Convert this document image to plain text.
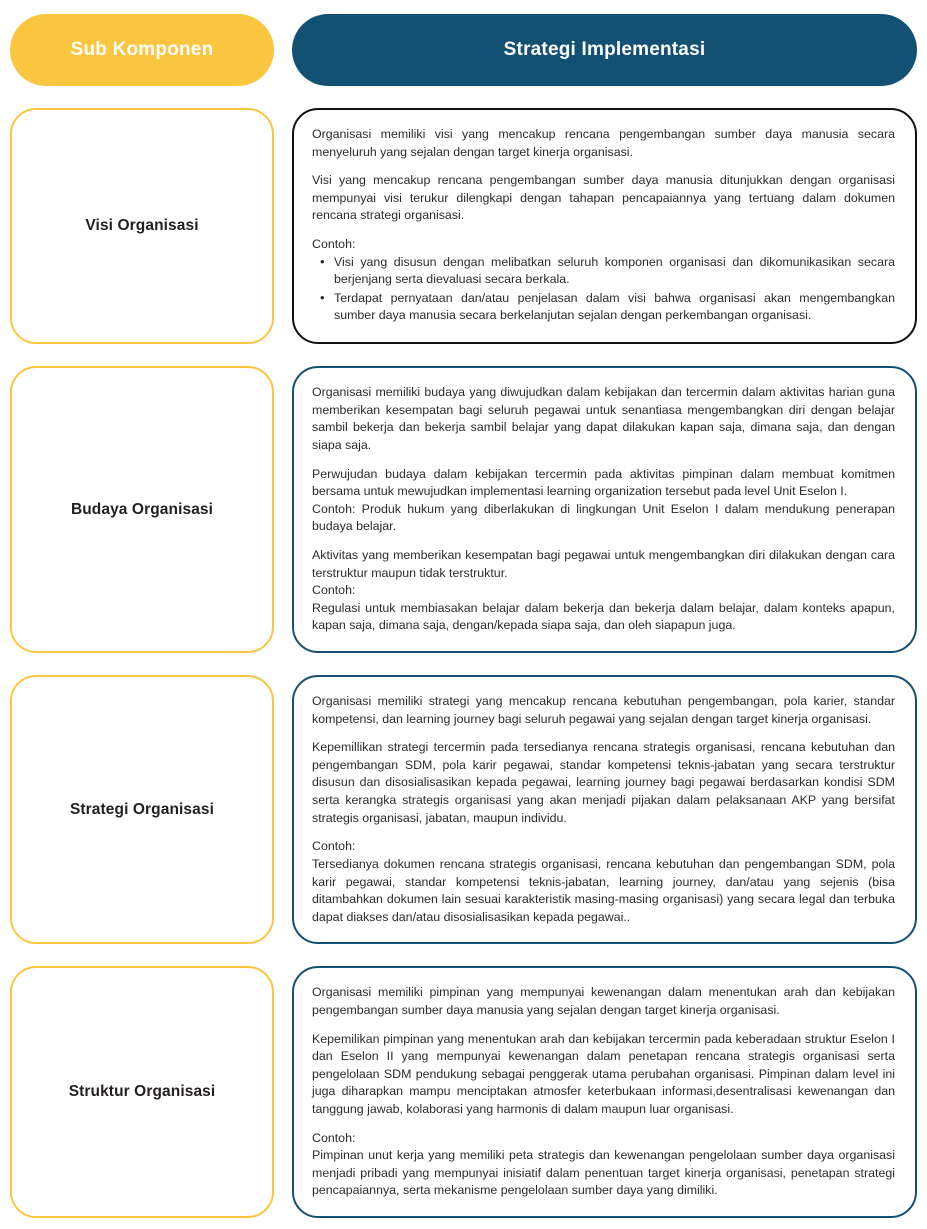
Sub Komponen	Strategi Implementasi
Visi Organisasi

Organisasi memiliki visi yang mencakup rencana pengembangan sumber daya manusia secara menyeluruh yang sejalan dengan target kinerja organisasi.

Visi yang mencakup rencana pengembangan sumber daya manusia ditunjukkan dengan organisasi mempunyai visi terukur dilengkapi dengan tahapan pencapaiannya yang tertuang dalam dokumen rencana strategi organisasi.

Contoh:

• Visi yang disusun dengan melibatkan seluruh komponen organisasi dan dikomunikasikan secara berjenjang serta dievaluasi secara berkala.
• Terdapat pernyataan dan/atau penjelasan dalam visi bahwa organisasi akan mengembangkan sumber daya manusia secara berkelanjutan sejalan dengan perkembangan organisasi.
Budaya Organisasi

Organisasi memiliki budaya yang diwujudkan dalam kebijakan dan tercermin dalam aktivitas harian guna memberikan kesempatan bagi seluruh pegawai untuk senantiasa mengembangkan diri dengan belajar sambil bekerja dan bekerja sambil belajar yang dapat dilakukan kapan saja, dimana saja, dan dengan siapa saja.

Perwujudan budaya dalam kebijakan tercermin pada aktivitas pimpinan dalam membuat komitmen bersama untuk mewujudkan implementasi learning organization tersebut pada level Unit Eselon I.

Contoh: Produk hukum yang diberlakukan di lingkungan Unit Eselon I dalam mendukung penerapan budaya belajar.

Aktivitas yang memberikan kesempatan bagi pegawai untuk mengembangkan diri dilakukan dengan cara terstruktur maupun tidak terstruktur.

Contoh:

Regulasi untuk membiasakan belajar dalam bekerja dan bekerja dalam belajar, dalam konteks apapun, kapan saja, dimana saja, dengan/kepada siapa saja, dan oleh siapapun juga.

Strategi Organisasi

Organisasi memiliki strategi yang mencakup rencana kebutuhan pengembangan, pola karier, standar kompetensi, dan learning journey bagi seluruh pegawai yang sejalan dengan target kinerja organisasi.

Kepemillikan strategi tercermin pada tersedianya rencana strategis organisasi, rencana kebutuhan dan pengembangan SDM, pola karir pegawai, standar kompetensi teknis-jabatan yang secara terstruktur disusun dan disosialisasikan kepada pegawai, learning journey bagi pegawai berdasarkan kondisi SDM serta kerangka strategis organisasi yang akan menjadi pijakan dalam pelaksanaan AKP yang bersifat strategis organisasi, jabatan, maupun individu.

Contoh:

Tersedianya dokumen rencana strategis organisasi, rencana kebutuhan dan pengembangan SDM, pola karir pegawai, standar kompetensi teknis-jabatan, learning journey, dan/atau yang sejenis (bisa ditambahkan dokumen lain sesuai karakteristik masing-masing organisasi) yang secara legal dan terbuka dapat diakses dan/atau disosialisasikan kepada pegawai..

Struktur Organisasi

Organisasi memiliki pimpinan yang mempunyai kewenangan dalam menentukan arah dan kebijakan pengembangan sumber daya manusia yang sejalan dengan target kinerja organisasi.

Kepemilikan pimpinan yang menentukan arah dan kebijakan tercermin pada keberadaan struktur Eselon I dan Eselon II yang mempunyai kewenangan dalam penetapan rencana strategis organisasi serta pengelolaan SDM pendukung sebagai penggerak utama perubahan organisasi. Pimpinan dalam level ini juga diharapkan mampu menciptakan atmosfer keterbukaan informasi,desentralisasi kewenangan dan tanggung jawab, kolaborasi yang harmonis di dalam maupun luar organisasi.

Contoh:

Pimpinan unut kerja yang memiliki peta strategis dan kewenangan pengelolaan sumber daya organisasi menjadi pribadi yang mempunyai inisiatif dalam penentuan target kinerja organisasi, penetapan strategi pencapaiannya, serta mekanisme pengelolaan sumber daya yang dimiliki.
